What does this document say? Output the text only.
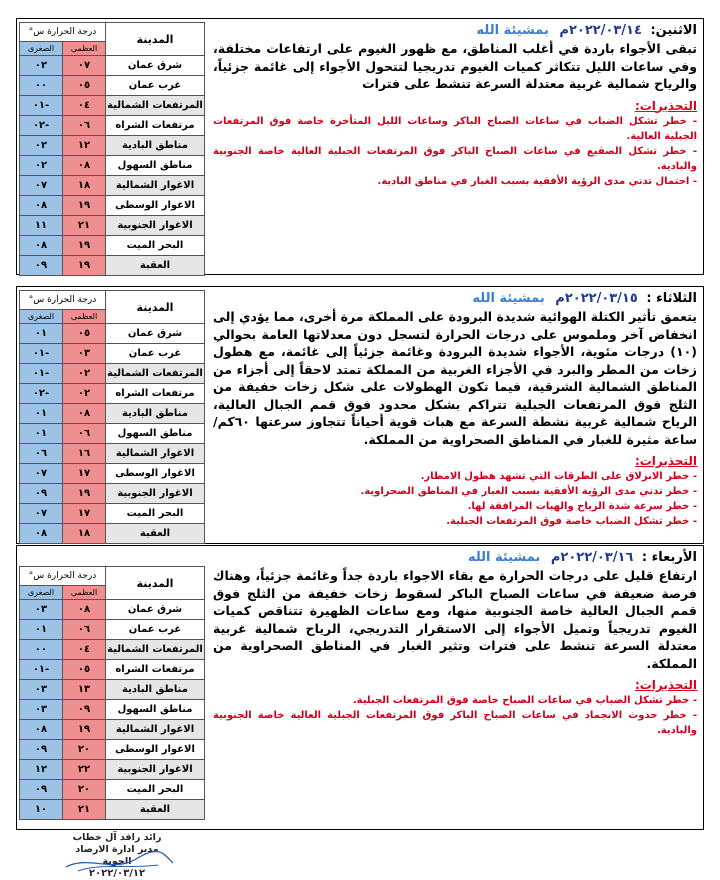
المدينة	درجة الحرارة س°	
	العظمى	الصغرى
شرق عمان	٠٧	٠٢
غرب عمان	٠٥	٠٠
المرتفعات الشمالية	٠٤	-٠١
مرتفعات الشراه	٠٦	-٠٢
مناطق البادية	١٢	٠٢
مناطق السهول	٠٨	٠٢
الاغوار الشمالية	١٨	٠٧
الاغوار الوسطى	١٩	٠٨
الاغوار الجنوبية	٢١	١١
البحر الميت	١٩	٠٨
العقبة	١٩	٠٩
الاثنين: ٢٠٢٢/٠٣/١٤م بمشيئة الله
تبقى الأجواء باردة في أغلب المناطق، مع ظهور الغيوم على ارتفاعات مختلفة، وفي ساعات الليل تتكاثر كميات الغيوم تدريجيا لتتحول الأجواء إلى غائمة جزئياً، والرياح شمالية غربية معتدلة السرعة تنشط على فترات
التحذيرات:
- خطر تشكل الضباب في ساعات الصباح الباكر وساعات الليل المتأخرة خاصة فوق المرتفعات الجبلية العالية.
- خطر تشكل الصقيع في ساعات الصباح الباكر فوق المرتفعات الجبلية العالية خاصة الجنوبية والبادية.
- احتمال تدني مدى الرؤية الأفقية بسبب الغبار في مناطق البادية.
المدينة	درجة الحرارة س°	
	العظمى	الصغرى
شرق عمان	٠٥	٠١
غرب عمان	٠٣	-٠١
المرتفعات الشمالية	٠٢	-٠١
مرتفعات الشراه	٠٢	-٠٢
مناطق البادية	٠٨	٠١
مناطق السهول	٠٦	٠١
الاغوار الشمالية	١٦	٠٦
الاغوار الوسطى	١٧	٠٧
الاغوار الجنوبية	١٩	٠٩
البحر الميت	١٧	٠٧
العقبة	١٨	٠٨
الثلاثاء : ٢٠٢٢/٠٣/١٥م بمشيئة الله
يتعمق تأثير الكتلة الهوائية شديدة البرودة على المملكة مرة أخرى، مما يؤدي إلى انخفاض آخر وملموس على درجات الحرارة لتسجل دون معدلاتها العامة بحوالي (١٠) درجات مئوية، الأجواء شديدة البرودة وغائمة جزئياً إلى غائمة، مع هطول زخات من المطر والبرد في الأجزاء الغربية من المملكة تمتد لاحقاً إلى أجزاء من المناطق الشمالية الشرقية، فيما تكون الهطولات على شكل زخات خفيفة من الثلج فوق المرتفعات الجبلية تتراكم بشكل محدود فوق قمم الجبال العالية، الرياح شمالية غربية نشطة السرعة مع هبات قوية أحياناً تتجاوز سرعتها ٦٠كم/ساعة مثيرة للغبار في المناطق الصحراوية من المملكة.
التحذيرات:
- خطر الانزلاق على الطرقات التي تشهد هطول الامطار.
- خطر تدني مدى الرؤية الأفقية بسبب الغبار في المناطق الصحراوية.
- خطر سرعة شدة الرياح والهبات المرافقة لها.
- خطر تشكل الضباب خاصة فوق المرتفعات الجبلية.
المدينة	درجة الحرارة س°	
	العظمى	الصغرى
شرق عمان	٠٨	٠٣
غرب عمان	٠٦	٠١
المرتفعات الشمالية	٠٤	٠٠
مرتفعات الشراه	٠٥	-٠١
مناطق البادية	١٣	٠٣
مناطق السهول	٠٩	٠٣
الاغوار الشمالية	١٩	٠٨
الاغوار الوسطى	٢٠	٠٩
الاغوار الجنوبية	٢٢	١٢
البحر الميت	٢٠	٠٩
العقبة	٢١	١٠
الأربعاء : ٢٠٢٢/٠٣/١٦م بمشيئة الله
ارتفاع قليل على درجات الحرارة مع بقاء الاجواء باردة جداً وغائمة جزئياً، وهناك فرصة ضعيفة في ساعات الصباح الباكر لسقوط زخات خفيفة من الثلج فوق قمم الجبال العالية خاصة الجنوبية منها، ومع ساعات الظهيرة تتناقص كميات الغيوم تدريجياً وتميل الأجواء إلى الاستقرار التدريجي، الرياح شمالية غربية معتدلة السرعة تنشط على فترات وتثير الغبار في المناطق الصحراوية من المملكة.
التحذيرات:
- خطر تشكل الضباب في ساعات الصباح خاصة فوق المرتفعات الجبلية.
- خطر حدوث الانجماد في ساعات الصباح الباكر فوق المرتفعات الجبلية العالية خاصة الجنوبية والبادية.
رائد رافد آل خطاب
مدير ادارة الارصاد الجوية
٢٠٢٢/٠٣/١٢
